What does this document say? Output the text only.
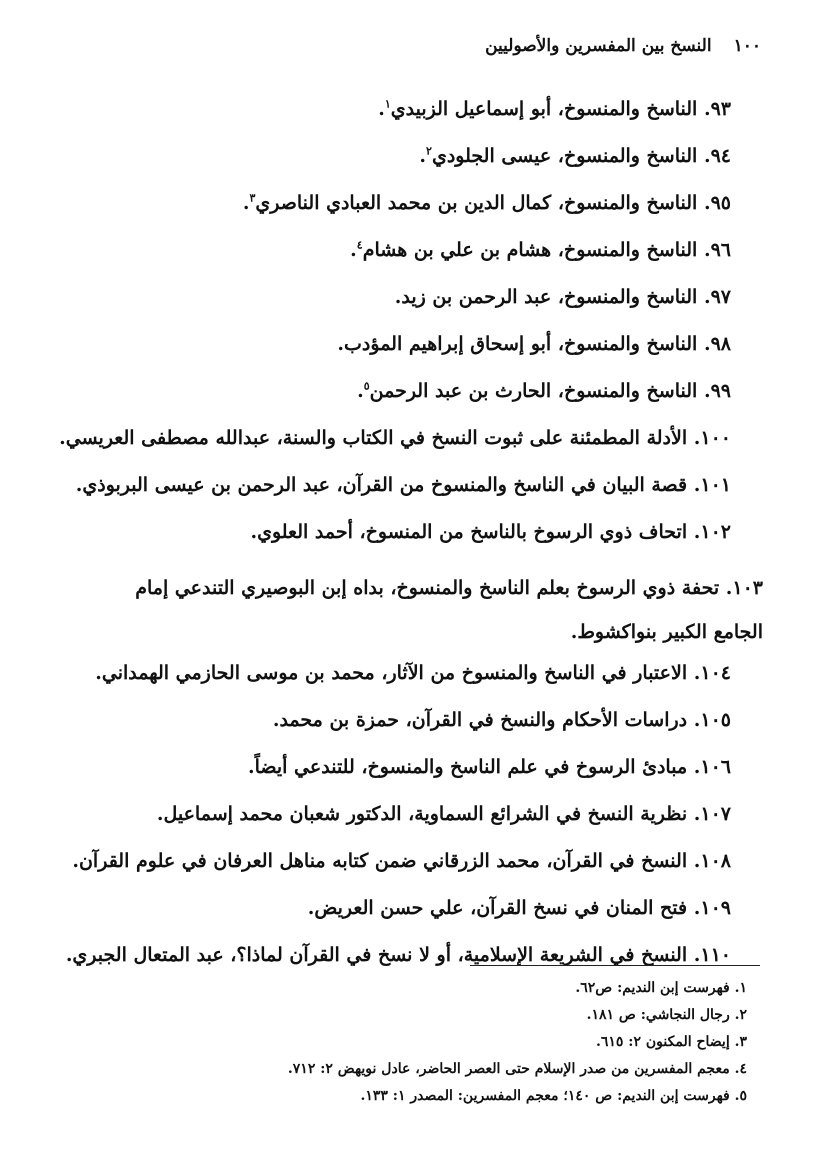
١٠٠
النسخ بين المفسرين والأصوليين
٩٣. الناسخ والمنسوخ، أبو إسماعيل الزبيدي$^١$.
٩٤. الناسخ والمنسوخ، عيسى الجلودي$^٢$.
٩٥. الناسخ والمنسوخ، كمال الدين بن محمد العبادي الناصري$^٣$.
٩٦. الناسخ والمنسوخ، هشام بن علي بن هشام$^٤$.
٩٧. الناسخ والمنسوخ، عبد الرحمن بن زيد.
٩٨. الناسخ والمنسوخ، أبو إسحاق إبراهيم المؤدب.
٩٩. الناسخ والمنسوخ، الحارث بن عبد الرحمن$^٥$.
١٠٠. الأدلة المطمئنة على ثبوت النسخ في الكتاب والسنة، عبدالله مصطفى العريسي.
١٠١. قصة البيان في الناسخ والمنسوخ من القرآن، عبد الرحمن بن عيسى البربوذي.
١٠٢. اتحاف ذوي الرسوخ بالناسخ من المنسوخ، أحمد العلوي.
١٠٣. تحفة ذوي الرسوخ بعلم الناسخ والمنسوخ، بداه إبن البوصيري التندعي إمام
الجامع الكبير بنواكشوط.
١٠٤. الاعتبار في الناسخ والمنسوخ من الآثار، محمد بن موسى الحازمي الهمداني.
١٠٥. دراسات الأحكام والنسخ في القرآن، حمزة بن محمد.
١٠٦. مبادئ الرسوخ في علم الناسخ والمنسوخ، للتندعي أيضاً.
١٠٧. نظرية النسخ في الشرائع السماوية، الدكتور شعبان محمد إسماعيل.
١٠٨. النسخ في القرآن، محمد الزرقاني ضمن كتابه مناهل العرفان في علوم القرآن.
١٠٩. فتح المنان في نسخ القرآن، علي حسن العريض.
١١٠. النسخ في الشريعة الإسلامية، أو لا نسخ في القرآن لماذا؟، عبد المتعال الجبري.
١. فهرست إبن النديم: ص٦٢.
٢. رجال النجاشي: ص ١٨١.
٣. إيضاح المكنون ٢: ٦١٥.
٤. معجم المفسرين من صدر الإسلام حتى العصر الحاضر، عادل نويهض ٢: ٧١٢.
٥. فهرست إبن النديم: ص ١٤٠؛ معجم المفسرين: المصدر ١: ١٣٣.
